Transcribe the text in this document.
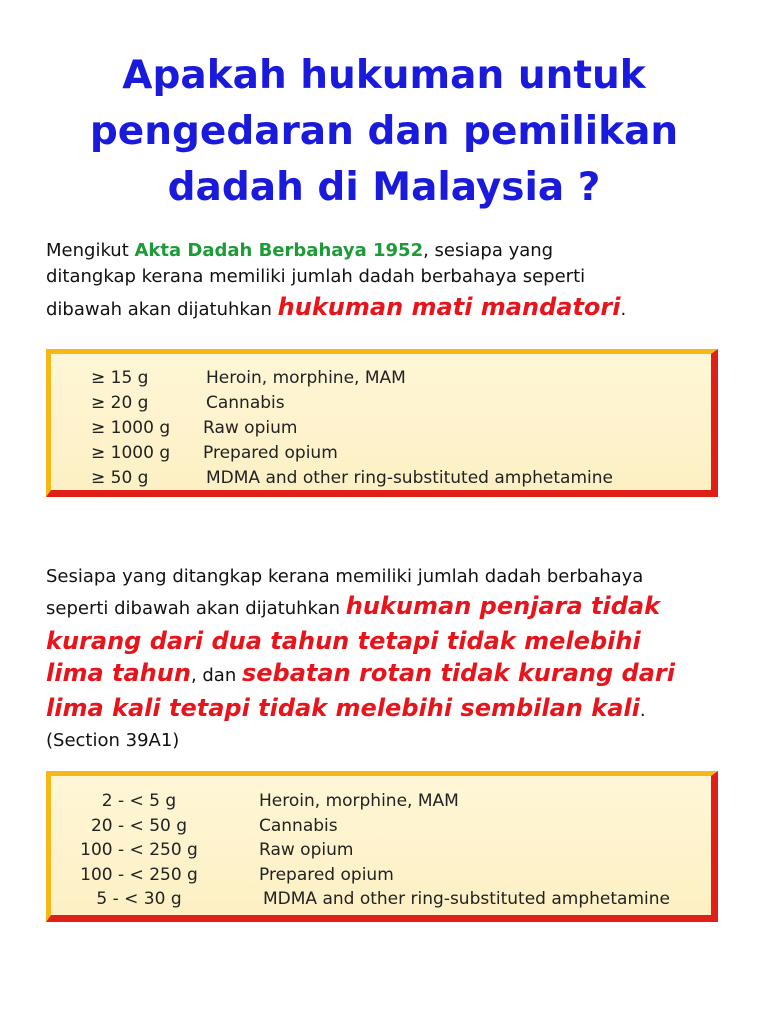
Apakah hukuman untuk
pengedaran dan pemilikan
dadah di Malaysia ?
Mengikut Akta Dadah Berbahaya 1952, sesiapa yang
ditangkap kerana memiliki jumlah dadah berbahaya seperti
dibawah akan dijatuhkan hukuman mati mandatori.
≥ 15 g	Heroin, morphine, MAM
≥ 20 g	Cannabis
≥ 1000 g Raw opium
≥ 1000 g Prepared opium
≥ 50 g	MDMA and other ring-substituted amphetamine
Sesiapa yang ditangkap kerana memiliki jumlah dadah berbahaya
seperti dibawah akan dijatuhkan hukuman penjara tidak
kurang dari dua tahun tetapi tidak melebihi
lima tahun, dan sebatan rotan tidak kurang dari
lima kali tetapi tidak melebihi sembilan kali.
(Section 39A1)
2 - < 5 g	Heroin, morphine, MAM
20 - < 50 g	Cannabis
100 - < 250 g	Raw opium
100 - < 250 g	Prepared opium
5 - < 30 g	MDMA and other ring-substituted amphetamine
